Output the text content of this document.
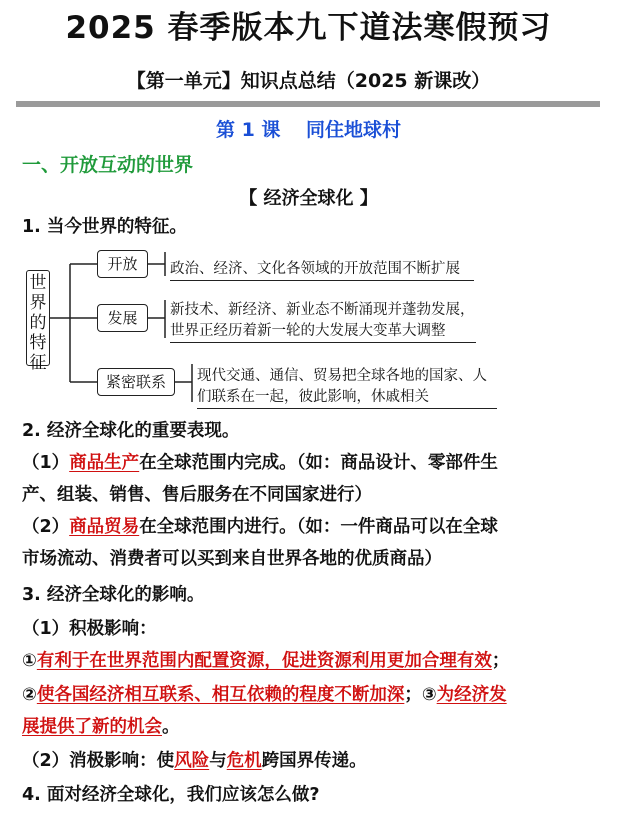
2025 春季版本九下道法寒假预习
【第一单元】知识点总结（2025 新课改）
第 1 课　 同住地球村
一、开放互动的世界
【 经济全球化 】
1. 当今世界的特征。
世
界
的
特
征
开放	政治、经济、文化各领域的开放范围不断扩展
发展	新技术、新经济、新业态不断涌现并蓬勃发展，
世界正经历着新一轮的大发展大变革大调整
紧密联系	现代交通、通信、贸易把全球各地的国家、人
们联系在一起，彼此影响，休戚相关
2. 经济全球化的重要表现。
（1）商品生产在全球范围内完成。（如：商品设计、零部件生
产、组装、销售、售后服务在不同国家进行）
（2）商品贸易在全球范围内进行。（如：一件商品可以在全球
市场流动、消费者可以买到来自世界各地的优质商品）
3. 经济全球化的影响。
（1）积极影响：
①有利于在世界范围内配置资源，促进资源利用更加合理有效；
②使各国经济相互联系、相互依赖的程度不断加深；③为经济发
展提供了新的机会。
（2）消极影响：使风险与危机跨国界传递。
4. 面对经济全球化，我们应该怎么做?
